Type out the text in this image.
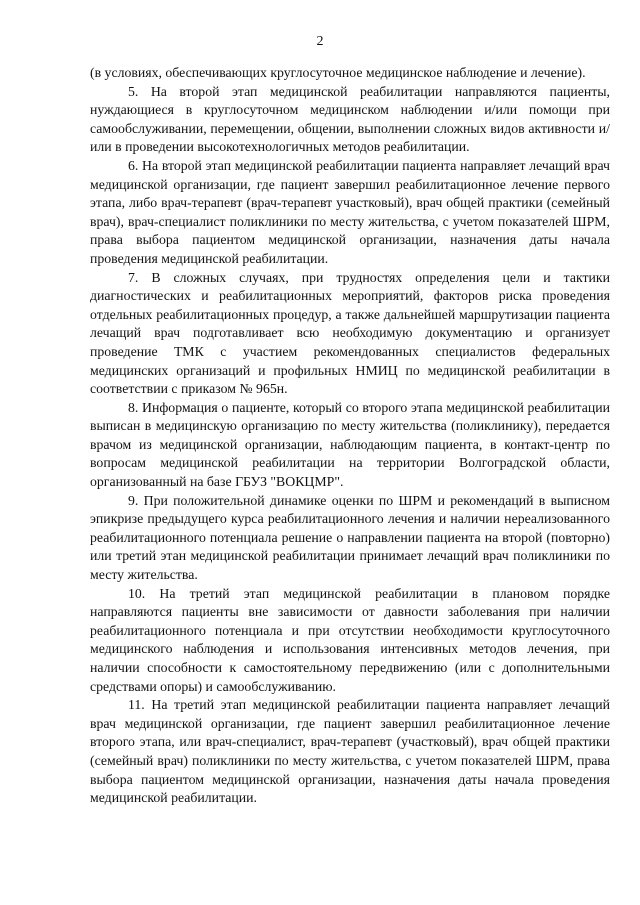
2

(в условиях, обеспечивающих круглосуточное медицинское наблюдение и лечение).

5. На второй этап медицинской реабилитации направляются пациенты, нуждающиеся в круглосуточном медицинском наблюдении и/или помощи при самообслуживании, перемещении, общении, выполнении сложных видов активности и/или в проведении высокотехнологичных методов реабилитации.

6. На второй этап медицинской реабилитации пациента направляет лечащий врач медицинской организации, где пациент завершил реабилитационное лечение первого этапа, либо врач-терапевт (врач-терапевт участковый), врач общей практики (семейный врач), врач-специалист поликлиники по месту жительства, с учетом показателей ШРМ, права выбора пациентом медицинской организации, назначения даты начала проведения медицинской реабилитации.

7. В сложных случаях, при трудностях определения цели и тактики диагностических и реабилитационных мероприятий, факторов риска проведения отдельных реабилитационных процедур, а также дальнейшей маршрутизации пациента лечащий врач подготавливает всю необходимую документацию и организует проведение ТМК с участием рекомендованных специалистов федеральных медицинских организаций и профильных НМИЦ по медицинской реабилитации в соответствии с приказом № 965н.

8. Информация о пациенте, который со второго этапа медицинской реабилитации выписан в медицинскую организацию по месту жительства (поликлинику), передается врачом из медицинской организации, наблюдающим пациента, в контакт-центр по вопросам медицинской реабилитации на территории Волгоградской области, организованный на базе ГБУЗ "ВОКЦМР".

9. При положительной динамике оценки по ШРМ и рекомендаций в выписном эпикризе предыдущего курса реабилитационного лечения и наличии нереализованного реабилитационного потенциала решение о направлении пациента на второй (повторно) или третий этан медицинской реабилитации принимает лечащий врач поликлиники по месту жительства.

10. На третий этап медицинской реабилитации в плановом порядке направляются пациенты вне зависимости от давности заболевания при наличии реабилитационного потенциала и при отсутствии необходимости круглосуточного медицинского наблюдения и использования интенсивных методов лечения, при наличии способности к самостоятельному передвижению (или с дополнительными средствами опоры) и самообслуживанию.

11. На третий этап медицинской реабилитации пациента направляет лечащий врач медицинской организации, где пациент завершил реабилитационное лечение второго этапа, или врач-специалист, врач-терапевт (участковый), врач общей практики (семейный врач) поликлиники по месту жительства, с учетом показателей ШРМ, права выбора пациентом медицинской организации, назначения даты начала проведения медицинской реабилитации.
